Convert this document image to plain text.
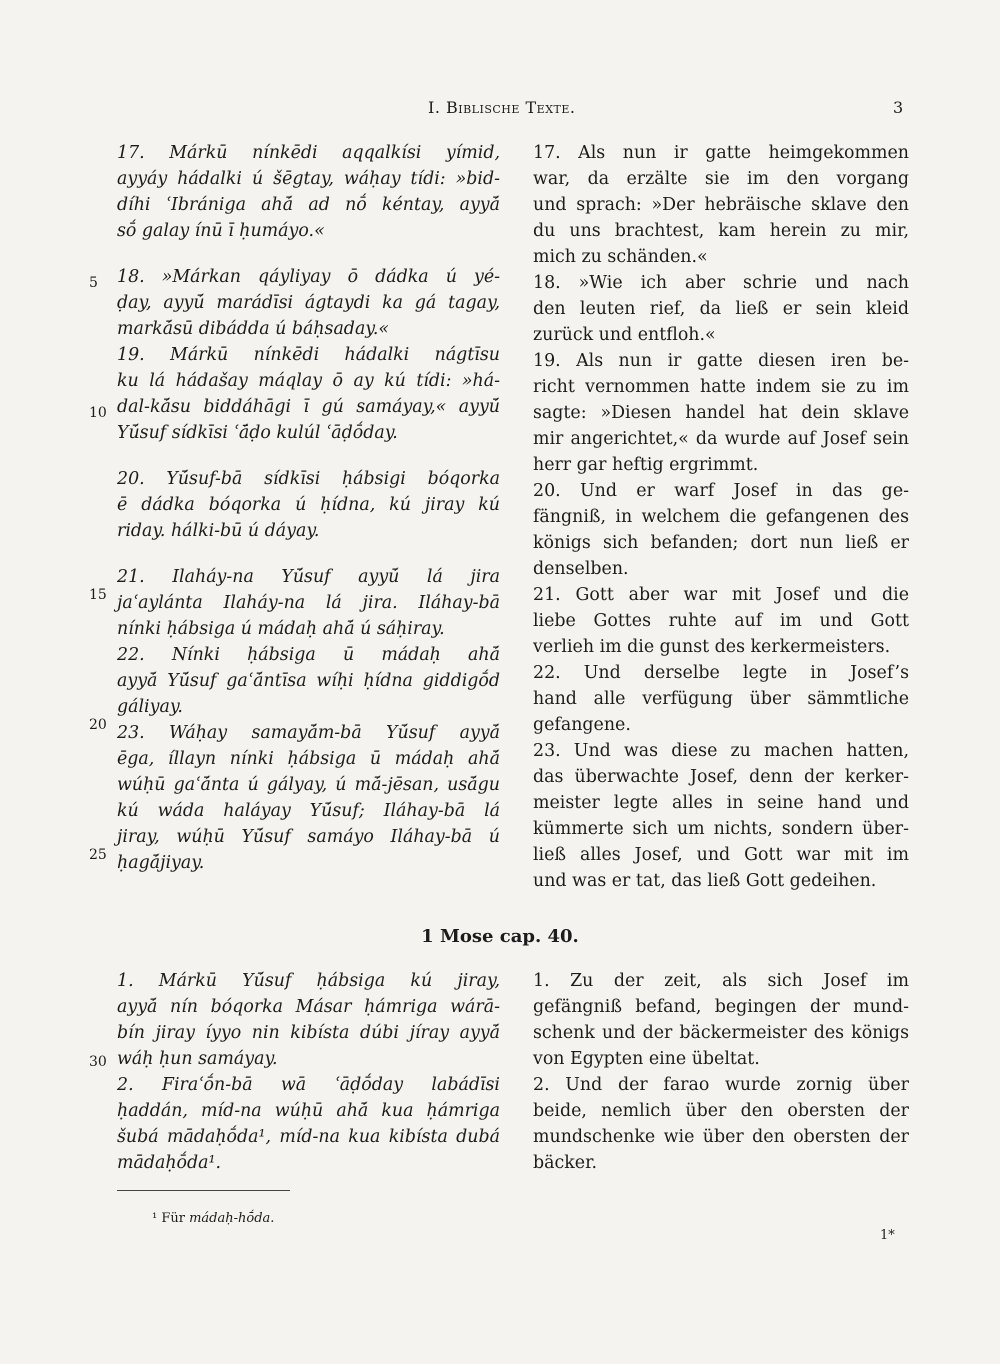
I. Biblische Texte.	3
17. Márkū nínkēdi aqqalkísi yímid,
ayyáy hádalki ú šēgtay, wáḥay tídi: »bid-
díhi ʿIbrániga ahā́ ad nṓ kéntay, ayyā́
sṓ galay ínū ī ḥumáyo.«
18. »Márkan qáyliyay ō dádka ú yé-
ḍay, ayyū́ marádīsi ágtaydi ka gá tagay,
markā́sū dibádda ú báḥsaday.«
19. Márkū nínkēdi hádalki nágtīsu
ku lá hádašay máqlay ō ay kú tídi: »há-
dal-kā́su biddáhāgi ī gú samáyay,« ayyū́
Yū́suf sídkīsi ʿá̄ḍo kulúl ʿāḍṓday.
20. Yū́suf-bā sídkīsi ḥábsigi bóqorka
ē dádka bóqorka ú ḥídna, kú jiray kú
riday. hálki-bū ú dáyay.
21. Ilaháy-na Yū́suf ayyū́ lá jira
jaʿaylánta Ilaháy-na lá jira. Iláhay-bā
nínki ḥábsiga ú mádaḥ ahā́ ú sáḥiray.
22. Nínki ḥábsiga ū mádaḥ ahā́
ayyā́ Yū́suf gaʿā́ntīsa wíḥi ḥídna giddigṓd
gáliyay.
23. Wáḥay samayā́m-bā Yū́suf ayyā́
ēga, íllayn nínki ḥábsiga ū mádaḥ ahā́
wúḥū gaʿā́nta ú gályay, ú mā́-jēsan, usā́gu
kú wáda haláyay Yū́suf; Iláhay-bā lá
jiray, wúḥū Yū́suf samáyo Iláhay-bā ú
ḥagā́jiyay.
17. Als nun ir gatte heimgekommen
war, da erzälte sie im den vorgang
und sprach: »Der hebräische sklave den
du uns brachtest, kam herein zu mir,
mich zu schänden.«
18. »Wie ich aber schrie und nach
den leuten rief, da ließ er sein kleid
zurück und entfloh.«
19. Als nun ir gatte diesen iren be-
richt vernommen hatte indem sie zu im
sagte: »Diesen handel hat dein sklave
mir angerichtet,« da wurde auf Josef sein
herr gar heftig ergrimmt.
20. Und er warf Josef in das ge-
fängniß, in welchem die gefangenen des
königs sich befanden; dort nun ließ er
denselben.
21. Gott aber war mit Josef und die
liebe Gottes ruhte auf im und Gott
verlieh im die gunst des kerkermeisters.
22. Und derselbe legte in Josef’s
hand alle verfügung über sämmtliche
gefangene.
23. Und was diese zu machen hatten,
das überwachte Josef, denn der kerker-
meister legte alles in seine hand und
kümmerte sich um nichts, sondern über-
ließ alles Josef, und Gott war mit im
und was er tat, das ließ Gott gedeihen.
5
10
15
20
25
30
1 Mose cap. 40.
1. Márkū Yū́suf ḥábsiga kú jiray,
ayyā́ nín bóqorka Másar ḥámriga wárā-
bín jiray íyyo nin kibísta dúbi jíray ayyā́
wáḥ ḥun samáyay.
2. Firaʿṓn-bā wā ʿāḍṓday labádīsi
ḥaddán, míd-na wúḥū ahā́ kua ḥámriga
šubá mādaḥṓda¹, míd-na kua kibísta dubá
mādaḥṓda¹.
1. Zu der zeit, als sich Josef im
gefängniß befand, begingen der mund-
schenk und der bäckermeister des königs
von Egypten eine übeltat.
2. Und der farao wurde zornig über
beide, nemlich über den obersten der
mundschenke wie über den obersten der
bäcker.
¹ Für mádaḥ-hṓda.
1*
